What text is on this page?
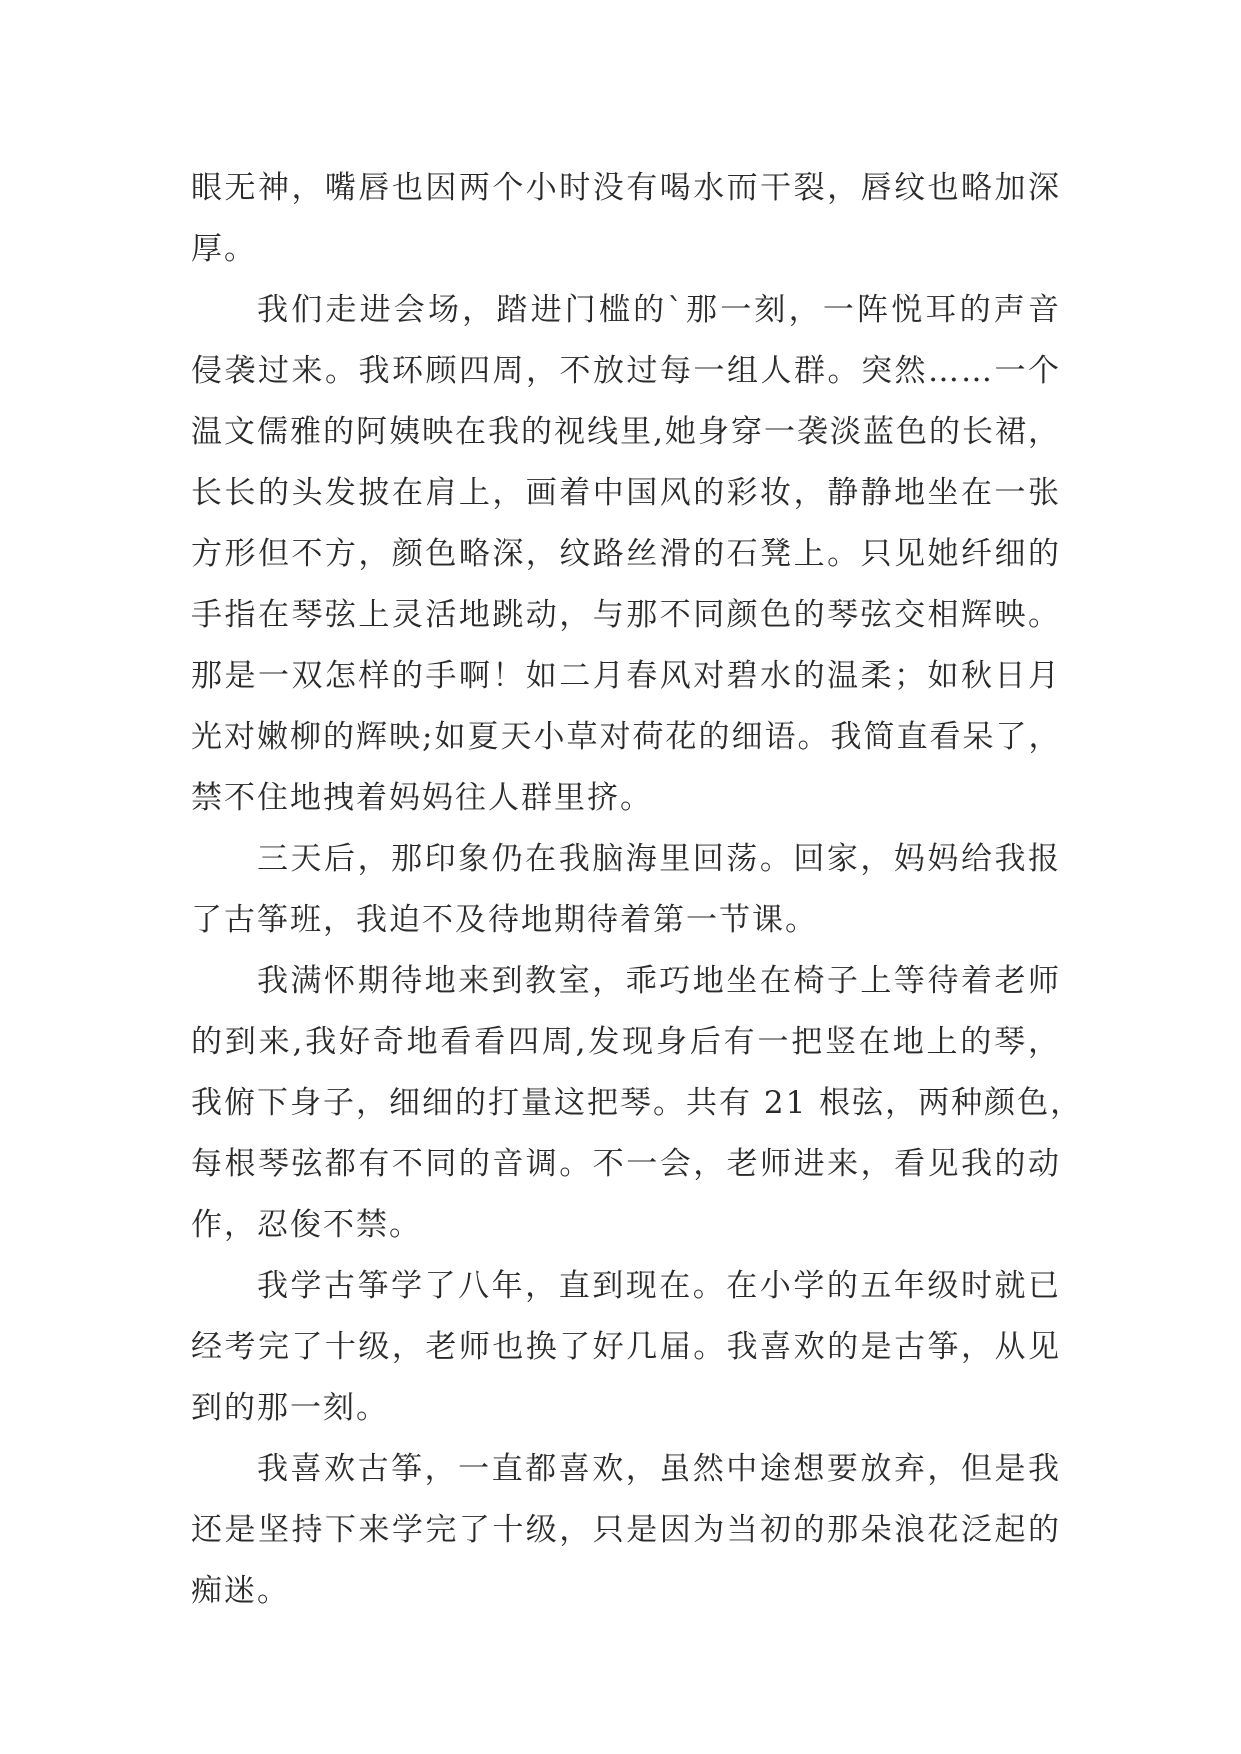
眼无神，嘴唇也因两个小时没有喝水而干裂，唇纹也略加深
厚。
我们走进会场，踏进门槛的`那一刻，一阵悦耳的声音
侵袭过来。我环顾四周，不放过每一组人群。突然……一个
温文儒雅的阿姨映在我的视线里,她身穿一袭淡蓝色的长裙，
长长的头发披在肩上，画着中国风的彩妆，静静地坐在一张
方形但不方，颜色略深，纹路丝滑的石凳上。只见她纤细的
手指在琴弦上灵活地跳动，与那不同颜色的琴弦交相辉映。
那是一双怎样的手啊！如二月春风对碧水的温柔；如秋日月
光对嫩柳的辉映;如夏天小草对荷花的细语。我简直看呆了，
禁不住地拽着妈妈往人群里挤。
三天后，那印象仍在我脑海里回荡。回家，妈妈给我报
了古筝班，我迫不及待地期待着第一节课。
我满怀期待地来到教室，乖巧地坐在椅子上等待着老师
的到来,我好奇地看看四周,发现身后有一把竖在地上的琴，
我俯下身子，细细的打量这把琴。共有 21 根弦，两种颜色，
每根琴弦都有不同的音调。不一会，老师进来，看见我的动
作，忍俊不禁。
我学古筝学了八年，直到现在。在小学的五年级时就已
经考完了十级，老师也换了好几届。我喜欢的是古筝，从见
到的那一刻。
我喜欢古筝，一直都喜欢，虽然中途想要放弃，但是我
还是坚持下来学完了十级，只是因为当初的那朵浪花泛起的
痴迷。
